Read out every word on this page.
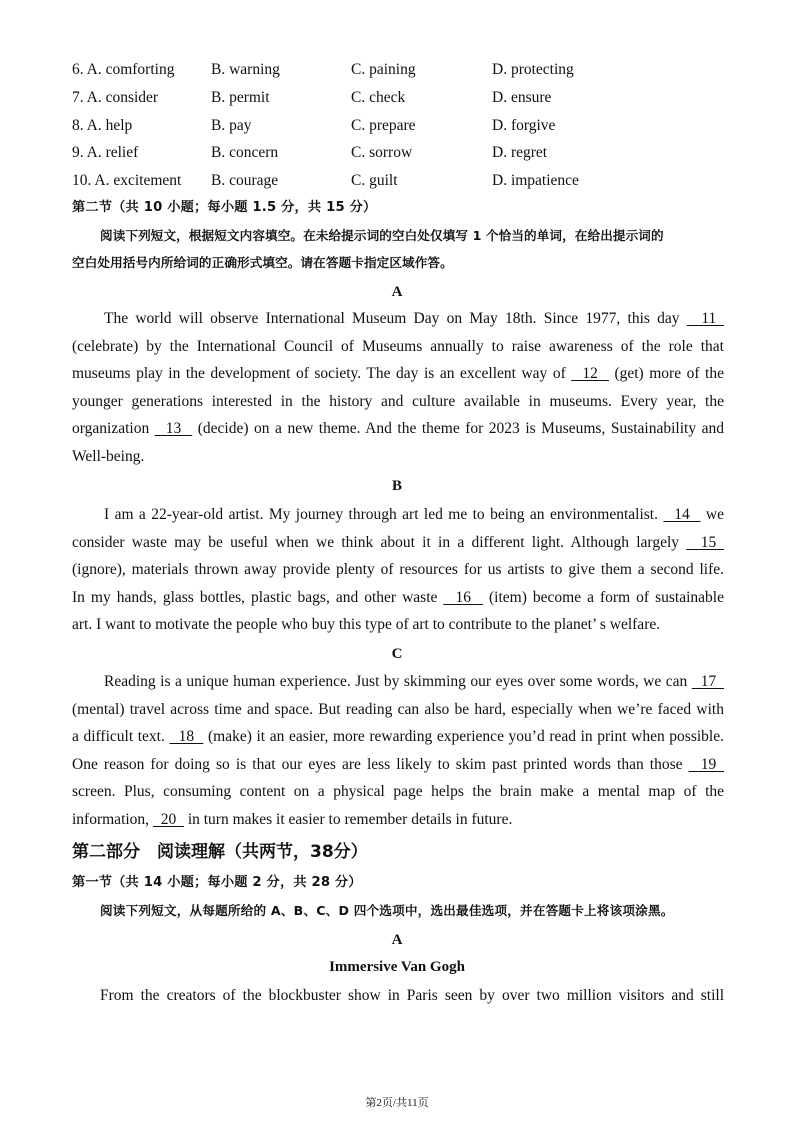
6. A. comforting B. warning	C. paining	D. protecting
7. A. consider	B. permit	C. check	D. ensure
8. A. help	B. pay	C. prepare	D. forgive
9. A. relief	B. concern	C. sorrow	D. regret
10. A. excitement B. courage	C. guilt	D. impatience
第二节（共 10 小题；每小题 1.5 分，共 15 分）
阅读下列短文，根据短文内容填空。在未给提示词的空白处仅填写 1 个恰当的单词，在给出提示词的
空白处用括号内所给词的正确形式填空。请在答题卡指定区域作答。
A
The world will observe International Museum Day on May 18th. Since 1977, this day   11
(celebrate) by the International Council of Museums annually to raise awareness of the role that
museums play in the development of society. The day is an excellent way of   12   (get) more of the
younger generations interested in the history and culture available in museums. Every year, the
organization   13   (decide) on a new theme. And the theme for 2023 is Museums, Sustainability and
Well-being.
B
I am a 22-year-old artist. My journey through art led me to being an environmentalist.   14   we
consider waste may be useful when we think about it in a different light. Although largely   15
(ignore), materials thrown away provide plenty of resources for us artists to give them a second life.
In my hands, glass bottles, plastic bags, and other waste   16   (item) become a form of sustainable
art. I want to motivate the people who buy this type of art to contribute to the planet’ s welfare.
C
Reading is a unique human experience. Just by skimming our eyes over some words, we can   17
(mental) travel across time and space. But reading can also be hard, especially when we’re faced with
a difficult text.   18   (make) it an easier, more rewarding experience you’d read in print when possible.
One reason for doing so is that our eyes are less likely to skim past printed words than those   19
screen. Plus, consuming content on a physical page helps the brain make a mental map of the
information,   20   in turn makes it easier to remember details in future.
第二部分　阅读理解（共两节，38分）
第一节（共 14 小题；每小题 2 分，共 28 分）
阅读下列短文，从每题所给的 A、B、C、D 四个选项中，选出最佳选项，并在答题卡上将该项涂黑。
A
Immersive Van Gogh
From the creators of the blockbuster show in Paris seen by over two million visitors and still
第2页/共11页
